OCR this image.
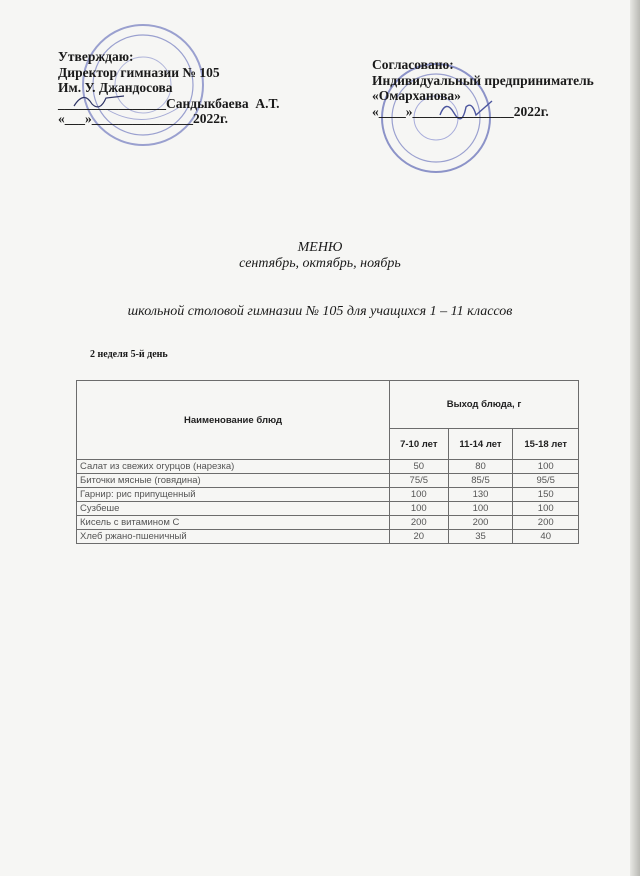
Утверждаю:
Директор гимназии № 105
Им. У. Джандосова
________________Сандыкбаева  А.Т.
«___»_______________2022г.
Согласовано:
Индивидуальный предприниматель
«Омарханова»
«____»_______________2022г.
МЕНЮ
сентябрь, октябрь, ноябрь
школьной столовой гимназии № 105 для учащихся 1 – 11 классов
2 неделя 5-й день
Наименование блюд	Выход блюда, г		
	7-10 лет	11-14 лет	15-18 лет
Салат из свежих огурцов (нарезка)	50	80	100
Биточки мясные (говядина)	75/5	85/5	95/5
Гарнир: рис припущенный	100	130	150
Сузбеше	100	100	100
Кисель с витамином С	200	200	200
Хлеб ржано-пшеничный	20	35	40
